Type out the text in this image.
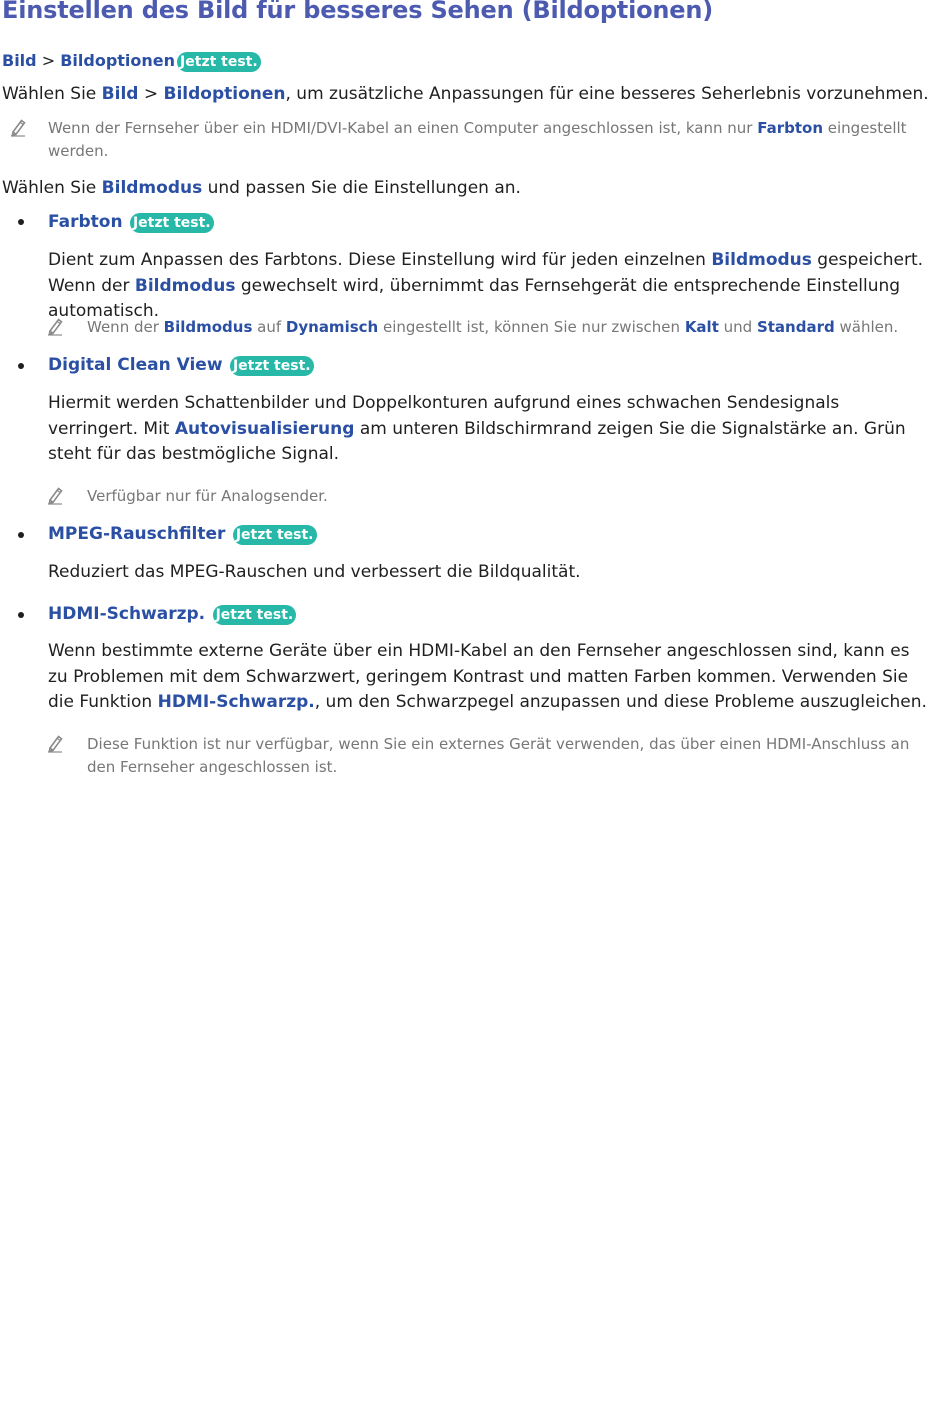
Einstellen des Bild für besseres Sehen (Bildoptionen)
Bild > Bildoptionen Jetzt test.
Wählen Sie Bild > Bildoptionen, um zusätzliche Anpassungen für eine besseres Seherlebnis vorzunehmen.
Wenn der Fernseher über ein HDMI/DVI-Kabel an einen Computer angeschlossen ist, kann nur Farbton eingestellt werden.
Wählen Sie Bildmodus und passen Sie die Einstellungen an.
Farbton Jetzt test.
Dient zum Anpassen des Farbtons. Diese Einstellung wird für jeden einzelnen Bildmodus gespeichert. Wenn der Bildmodus gewechselt wird, übernimmt das Fernsehgerät die entsprechende Einstellung automatisch.
Wenn der Bildmodus auf Dynamisch eingestellt ist, können Sie nur zwischen Kalt und Standard wählen.
Digital Clean View Jetzt test.
Hiermit werden Schattenbilder und Doppelkonturen aufgrund eines schwachen Sendesignals verringert. Mit Autovisualisierung am unteren Bildschirmrand zeigen Sie die Signalstärke an. Grün steht für das bestmögliche Signal.
Verfügbar nur für Analogsender.
MPEG-Rauschfilter Jetzt test.
Reduziert das MPEG-Rauschen und verbessert die Bildqualität.
HDMI-Schwarzp. Jetzt test.
Wenn bestimmte externe Geräte über ein HDMI-Kabel an den Fernseher angeschlossen sind, kann es zu Problemen mit dem Schwarzwert, geringem Kontrast und matten Farben kommen. Verwenden Sie die Funktion HDMI-Schwarzp., um den Schwarzpegel anzupassen und diese Probleme auszugleichen.
Diese Funktion ist nur verfügbar, wenn Sie ein externes Gerät verwenden, das über einen HDMI-Anschluss an den Fernseher angeschlossen ist.
